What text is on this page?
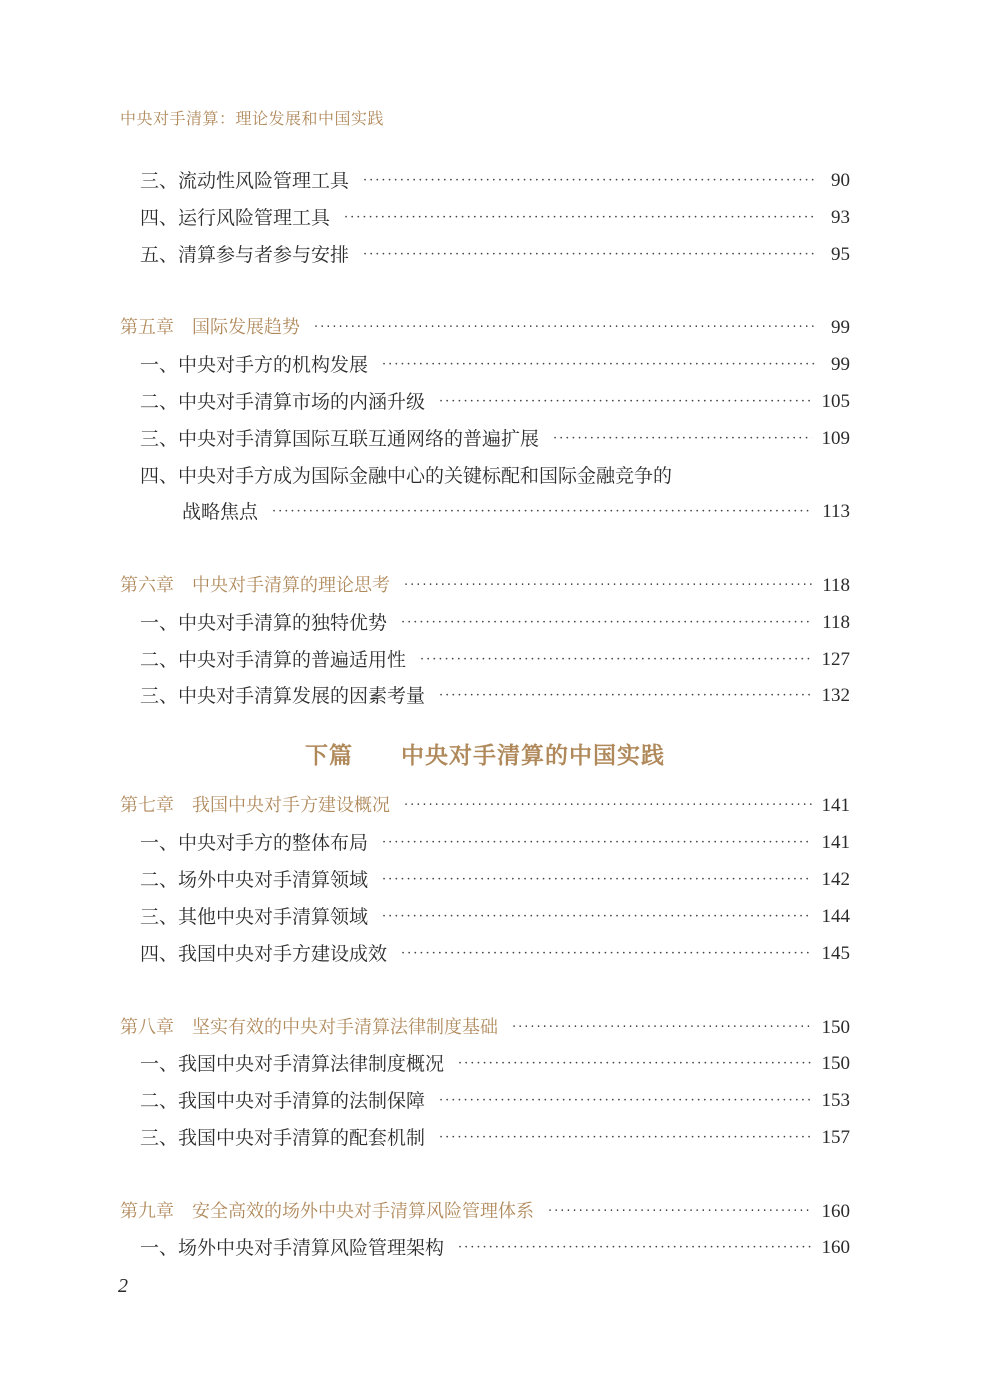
中央对手清算：理论发展和中国实践
三、流动性风险管理工具 ·····	90
四、运行风险管理工具 ·····	93
五、清算参与者参与安排 ·····	95
第五章　国际发展趋势 ·····	99
一、中央对手方的机构发展 ·····	99
二、中央对手清算市场的内涵升级 ·····	105
三、中央对手清算国际互联互通网络的普遍扩展 ·····	109
四、中央对手方成为国际金融中心的关键标配和国际金融竞争的
战略焦点 ·····	113
第六章　中央对手清算的理论思考 ·····	118
一、中央对手清算的独特优势 ·····	118
二、中央对手清算的普遍适用性 ·····	127
三、中央对手清算发展的因素考量 ·····	132
下篇 中央对手清算的中国实践
第七章　我国中央对手方建设概况 ·····	141
一、中央对手方的整体布局 ·····	141
二、场外中央对手清算领域 ·····	142
三、其他中央对手清算领域 ·····	144
四、我国中央对手方建设成效 ·····	145
第八章　坚实有效的中央对手清算法律制度基础 ·····	150
一、我国中央对手清算法律制度概况 ·····	150
二、我国中央对手清算的法制保障 ·····	153
三、我国中央对手清算的配套机制 ·····	157
第九章　安全高效的场外中央对手清算风险管理体系 ·····	160
一、场外中央对手清算风险管理架构 ·····	160
2
